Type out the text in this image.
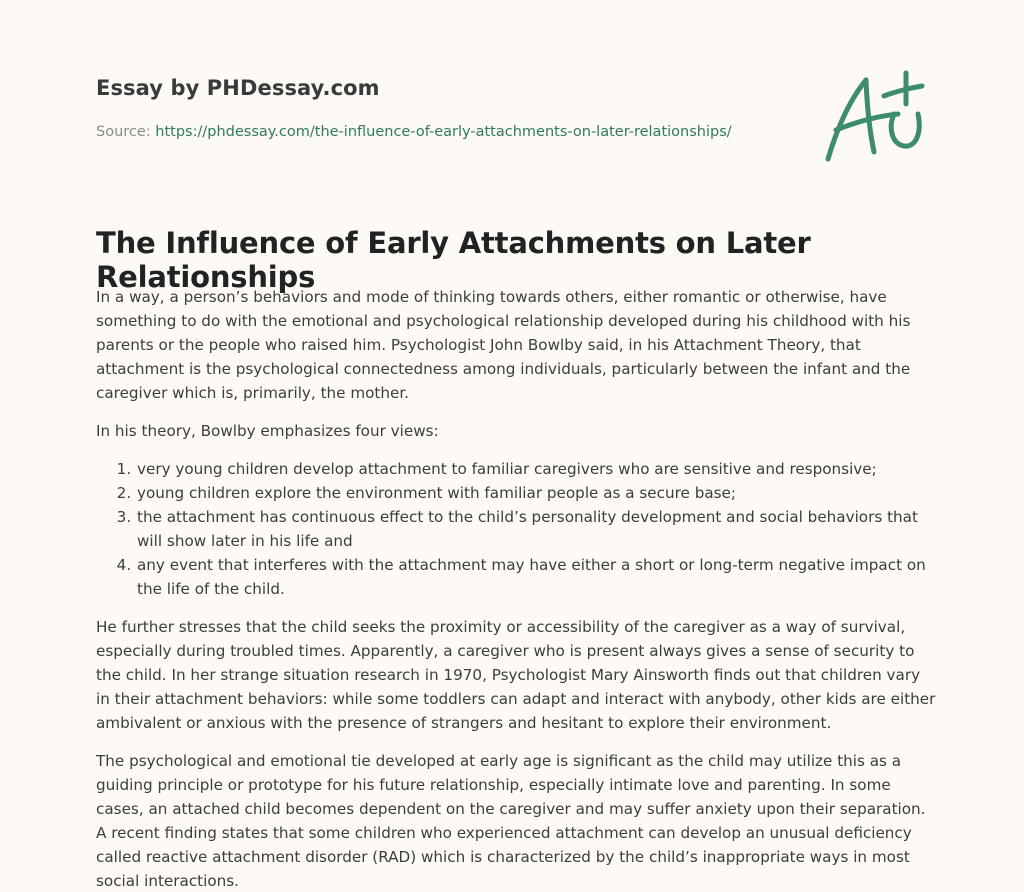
Essay by PHDessay.com
Source: https://phdessay.com/the-influence-of-early-attachments-on-later-relationships/
The Influence of Early Attachments on Later Relationships

In a way, a person’s behaviors and mode of thinking towards others, either romantic or otherwise, have something to do with the emotional and psychological relationship developed during his childhood with his parents or the people who raised him. Psychologist John Bowlby said, in his Attachment Theory, that attachment is the psychological connectedness among individuals, particularly between the infant and the caregiver which is, primarily, the mother.

In his theory, Bowlby emphasizes four views:

1. very young children develop attachment to familiar caregivers who are sensitive and responsive;
2. young children explore the environment with familiar people as a secure base;
3. the attachment has continuous effect to the child’s personality development and social behaviors that will show later in his life and
4. any event that interferes with the attachment may have either a short or long-term negative impact on the life of the child.

He further stresses that the child seeks the proximity or accessibility of the caregiver as a way of survival, especially during troubled times. Apparently, a caregiver who is present always gives a sense of security to the child. In her strange situation research in 1970, Psychologist Mary Ainsworth finds out that children vary in their attachment behaviors: while some toddlers can adapt and interact with anybody, other kids are either ambivalent or anxious with the presence of strangers and hesitant to explore their environment.

The psychological and emotional tie developed at early age is significant as the child may utilize this as a guiding principle or prototype for his future relationship, especially intimate love and parenting. In some cases, an attached child becomes dependent on the caregiver and may suffer anxiety upon their separation. A recent finding states that some children who experienced attachment can develop an unusual deficiency called reactive attachment disorder (RAD) which is characterized by the child’s inappropriate ways in most social interactions.
